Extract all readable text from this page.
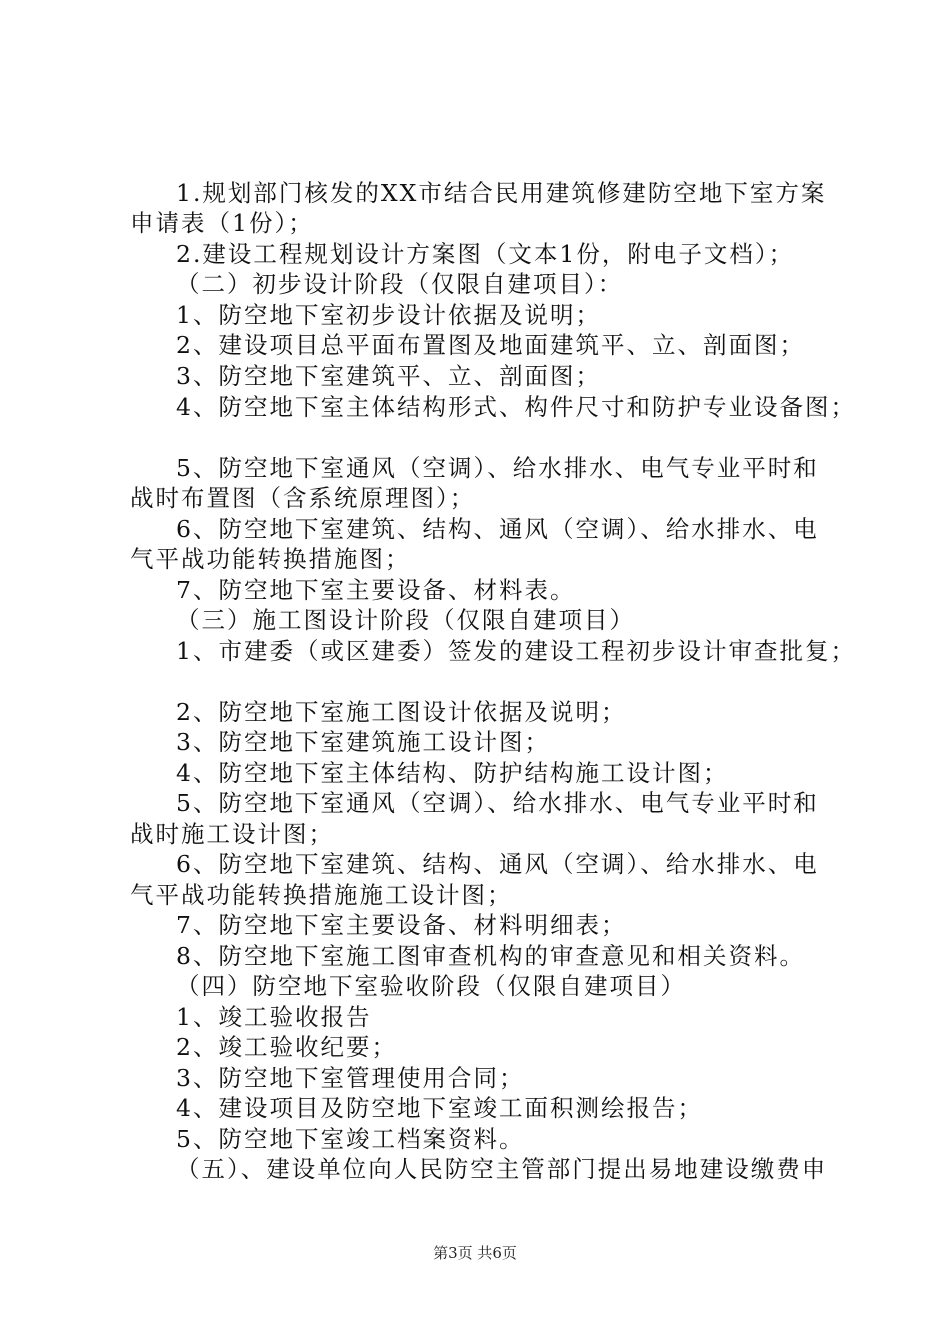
1.规划部门核发的XX市结合民用建筑修建防空地下室方案
申请表（1份）；
2.建设工程规划设计方案图（文本1份，附电子文档）；
（二）初步设计阶段（仅限自建项目）：
1、防空地下室初步设计依据及说明；
2、建设项目总平面布置图及地面建筑平、立、剖面图；
3、防空地下室建筑平、立、剖面图；
4、防空地下室主体结构形式、构件尺寸和防护专业设备图；
5、防空地下室通风（空调）、给水排水、电气专业平时和
战时布置图（含系统原理图）；
6、防空地下室建筑、结构、通风（空调）、给水排水、电
气平战功能转换措施图；
7、防空地下室主要设备、材料表。
（三）施工图设计阶段（仅限自建项目）
1、市建委（或区建委）签发的建设工程初步设计审查批复；
2、防空地下室施工图设计依据及说明；
3、防空地下室建筑施工设计图；
4、防空地下室主体结构、防护结构施工设计图；
5、防空地下室通风（空调）、给水排水、电气专业平时和
战时施工设计图；
6、防空地下室建筑、结构、通风（空调）、给水排水、电
气平战功能转换措施施工设计图；
7、防空地下室主要设备、材料明细表；
8、防空地下室施工图审查机构的审查意见和相关资料。
（四）防空地下室验收阶段（仅限自建项目）
1、竣工验收报告
2、竣工验收纪要；
3、防空地下室管理使用合同；
4、建设项目及防空地下室竣工面积测绘报告；
5、防空地下室竣工档案资料。
（五）、建设单位向人民防空主管部门提出易地建设缴费申
第3页 共6页
